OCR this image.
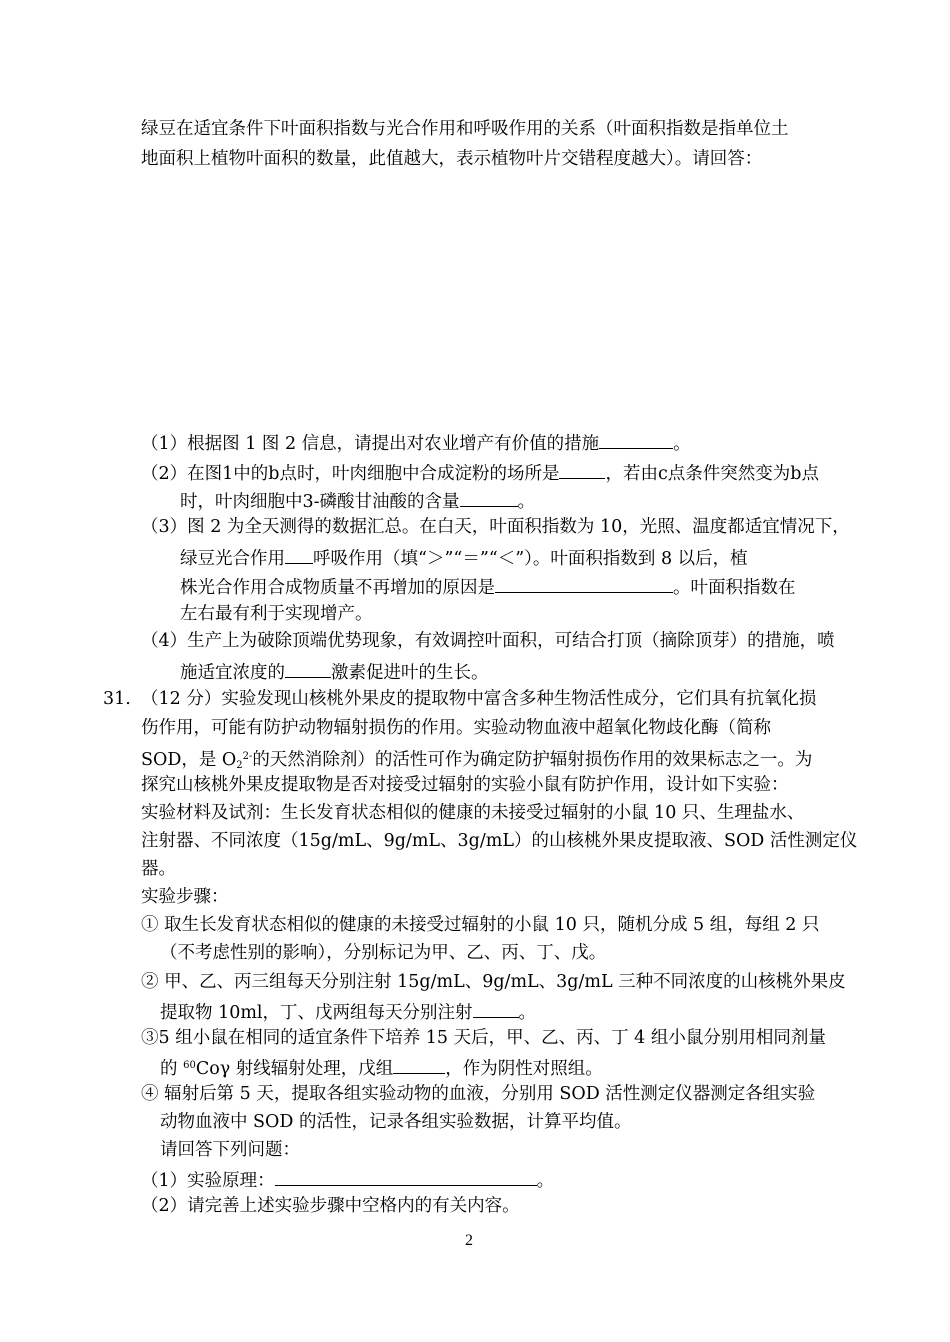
绿豆在适宜条件下叶面积指数与光合作用和呼吸作用的关系（叶面积指数是指单位土
地面积上植物叶面积的数量，此值越大，表示植物叶片交错程度越大）。请回答：
（1）根据图 1 图 2 信息，请提出对农业增产有价值的措施	。
（2）在图1中的b点时，叶肉细胞中合成淀粉的场所是	，若由c点条件突然变为b点
时，叶肉细胞中3-磷酸甘油酸的含量	。
（3）图 2 为全天测得的数据汇总。在白天，叶面积指数为 10，光照、温度都适宜情况下，
绿豆光合作用 呼吸作用（填“＞”“＝”“＜”）。叶面积指数到 8 以后，植
株光合作用合成物质量不再增加的原因是	。叶面积指数在
左右最有利于实现增产。
（4）生产上为破除顶端优势现象，有效调控叶面积，可结合打顶（摘除顶芽）的措施，喷
施适宜浓度的	激素促进叶的生长。
31. （12 分）实验发现山核桃外果皮的提取物中富含多种生物活性成分，它们具有抗氧化损
伤作用，可能有防护动物辐射损伤的作用。实验动物血液中超氧化物歧化酶（简称
SOD，是 $O_2^{2-}$的天然消除剂）的活性可作为确定防护辐射损伤作用的效果标志之一。为
探究山核桃外果皮提取物是否对接受过辐射的实验小鼠有防护作用，设计如下实验：
实验材料及试剂：生长发育状态相似的健康的未接受过辐射的小鼠 10 只、生理盐水、
注射器、不同浓度（15g/mL、9g/mL、3g/mL）的山核桃外果皮提取液、SOD 活性测定仪
器。
实验步骤：
① 取生长发育状态相似的健康的未接受过辐射的小鼠 10 只，随机分成 5 组，每组 2 只
（不考虑性别的影响），分别标记为甲、乙、丙、丁、戊。
② 甲、乙、丙三组每天分别注射 15g/mL、9g/mL、3g/mL 三种不同浓度的山核桃外果皮
提取物 10ml，丁、戊两组每天分别注射	。
③5 组小鼠在相同的适宜条件下培养 15 天后，甲、乙、丙、丁 4 组小鼠分别用相同剂量
的 $^{60}$Coγ 射线辐射处理，戊组	，作为阴性对照组。
④ 辐射后第 5 天，提取各组实验动物的血液，分别用 SOD 活性测定仪器测定各组实验
动物血液中 SOD 的活性，记录各组实验数据，计算平均值。
请回答下列问题：
（1）实验原理：	。
（2）请完善上述实验步骤中空格内的有关内容。
2
